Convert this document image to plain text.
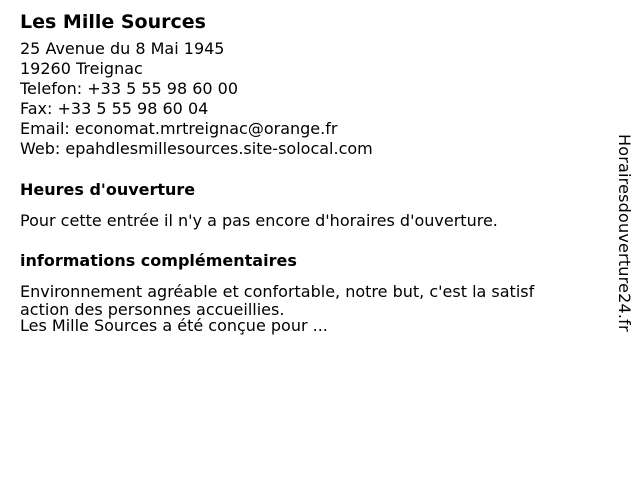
Les Mille Sources
25 Avenue du 8 Mai 1945
19260 Treignac
Telefon: +33 5 55 98 60 00
Fax: +33 5 55 98 60 04
Email: economat.mrtreignac@orange.fr
Web: epahdlesmillesources.site-solocal.com
Heures d'ouverture
Pour cette entrée il n'y a pas encore d'horaires d'ouverture.
informations complémentaires
Environnement agréable et confortable, notre but, c'est la satisf
action des personnes accueillies.
Les Mille Sources a été conçue pour ...	Horairesdouverture24.fr
